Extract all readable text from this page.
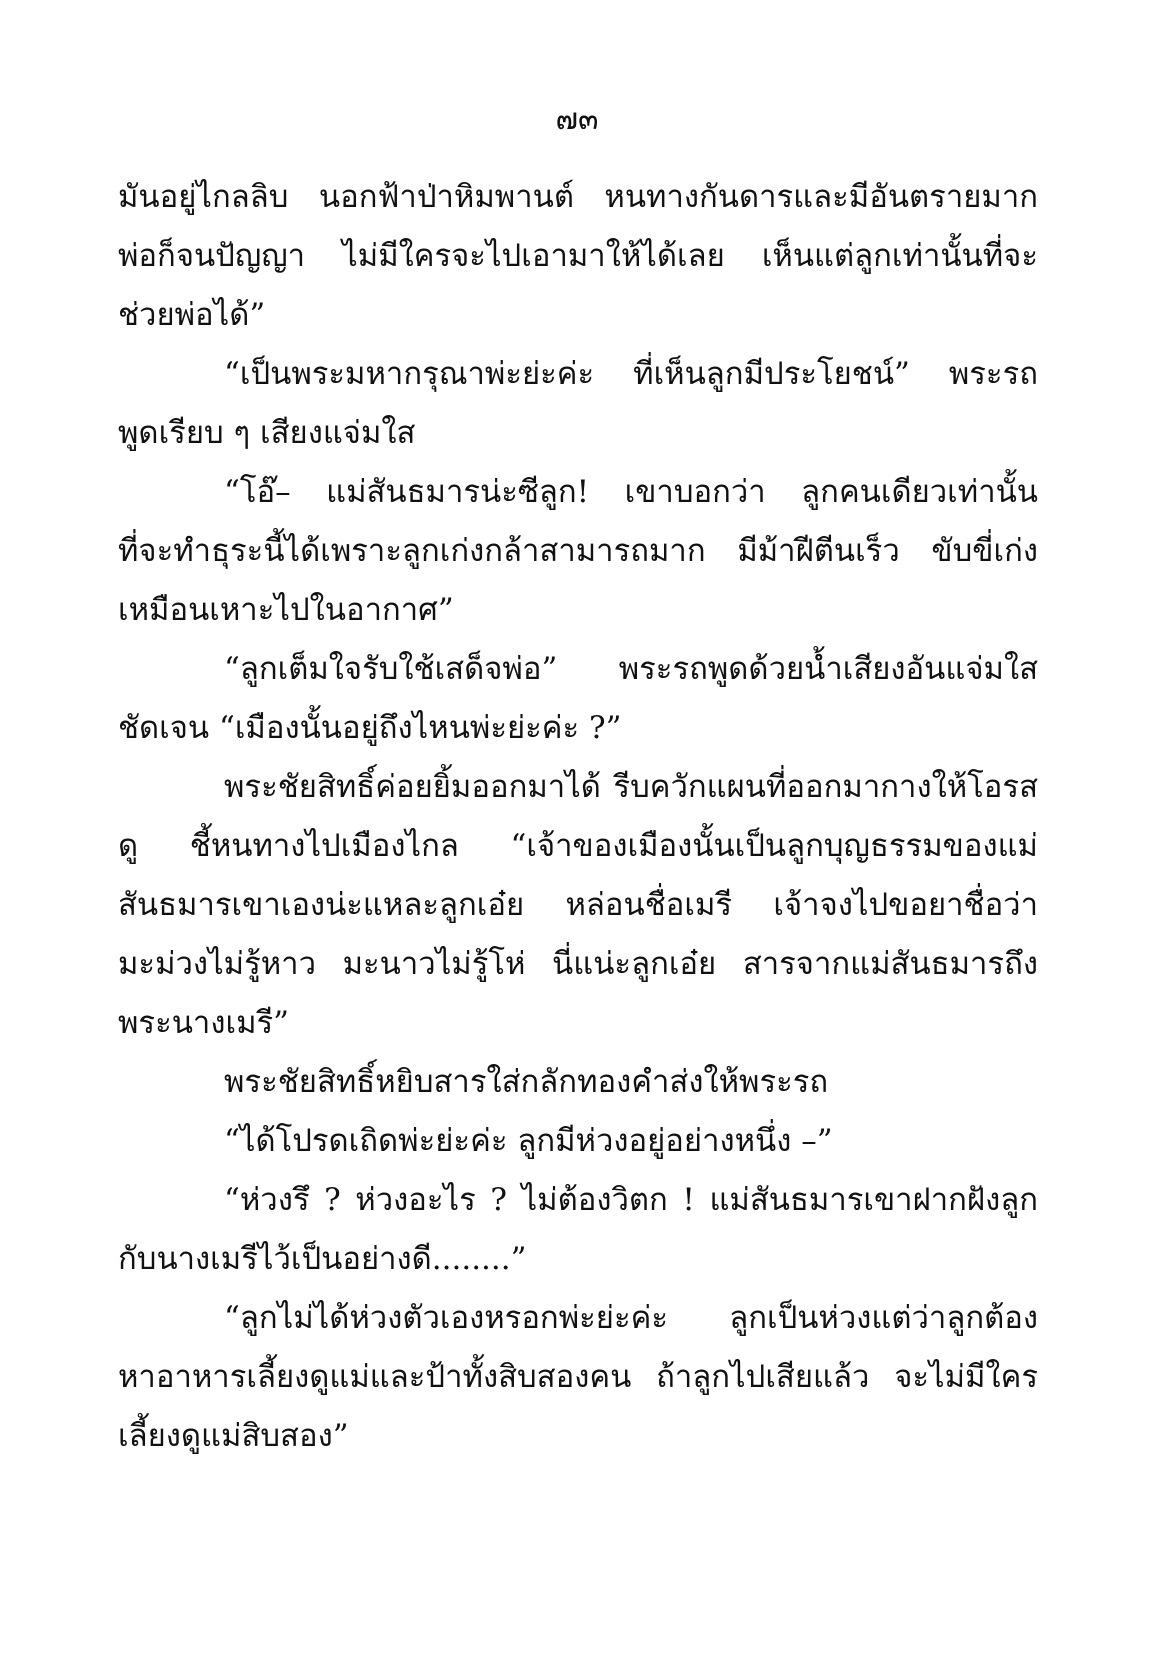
๗๓
มันอยู่ไกลลิบ นอกฟ้าป่าหิมพานต์ หนทางกันดารและมีอันตรายมาก
พ่อก็จนปัญญา ไม่มีใครจะไปเอามาให้ได้เลย เห็นแต่ลูกเท่านั้นที่จะ
ช่วยพ่อได้”
“เป็นพระมหากรุณาพ่ะย่ะค่ะ ที่เห็นลูกมีประโยชน์” พระรถ
พูดเรียบ ๆ เสียงแจ่มใส
“โอ๊– แม่สันธมารน่ะซีลูก! เขาบอกว่า ลูกคนเดียวเท่านั้น
ที่จะทำธุระนี้ได้เพราะลูกเก่งกล้าสามารถมาก มีม้าฝีตีนเร็ว ขับขี่เก่ง
เหมือนเหาะไปในอากาศ”
“ลูกเต็มใจรับใช้เสด็จพ่อ” พระรถพูดด้วยน้ำเสียงอันแจ่มใส
ชัดเจน “เมืองนั้นอยู่ถึงไหนพ่ะย่ะค่ะ ?”
พระชัยสิทธิ์ค่อยยิ้มออกมาได้ รีบควักแผนที่ออกมากางให้โอรส
ดู ชี้หนทางไปเมืองไกล “เจ้าของเมืองนั้นเป็นลูกบุญธรรมของแม่
สันธมารเขาเองน่ะแหละลูกเอ๋ย หล่อนชื่อเมรี เจ้าจงไปขอยาชื่อว่า
มะม่วงไม่รู้หาว มะนาวไม่รู้โห่ นี่แน่ะลูกเอ๋ย สารจากแม่สันธมารถึง
พระนางเมรี”
พระชัยสิทธิ์หยิบสารใส่กลักทองคำส่งให้พระรถ
“ได้โปรดเถิดพ่ะย่ะค่ะ ลูกมีห่วงอยู่อย่างหนึ่ง –”
“ห่วงรึ ? ห่วงอะไร ? ไม่ต้องวิตก ! แม่สันธมารเขาฝากฝังลูก
กับนางเมรีไว้เป็นอย่างดี........”
“ลูกไม่ได้ห่วงตัวเองหรอกพ่ะย่ะค่ะ ลูกเป็นห่วงแต่ว่าลูกต้อง
หาอาหารเลี้ยงดูแม่และป้าทั้งสิบสองคน ถ้าลูกไปเสียแล้ว จะไม่มีใคร
เลี้ยงดูแม่สิบสอง”
